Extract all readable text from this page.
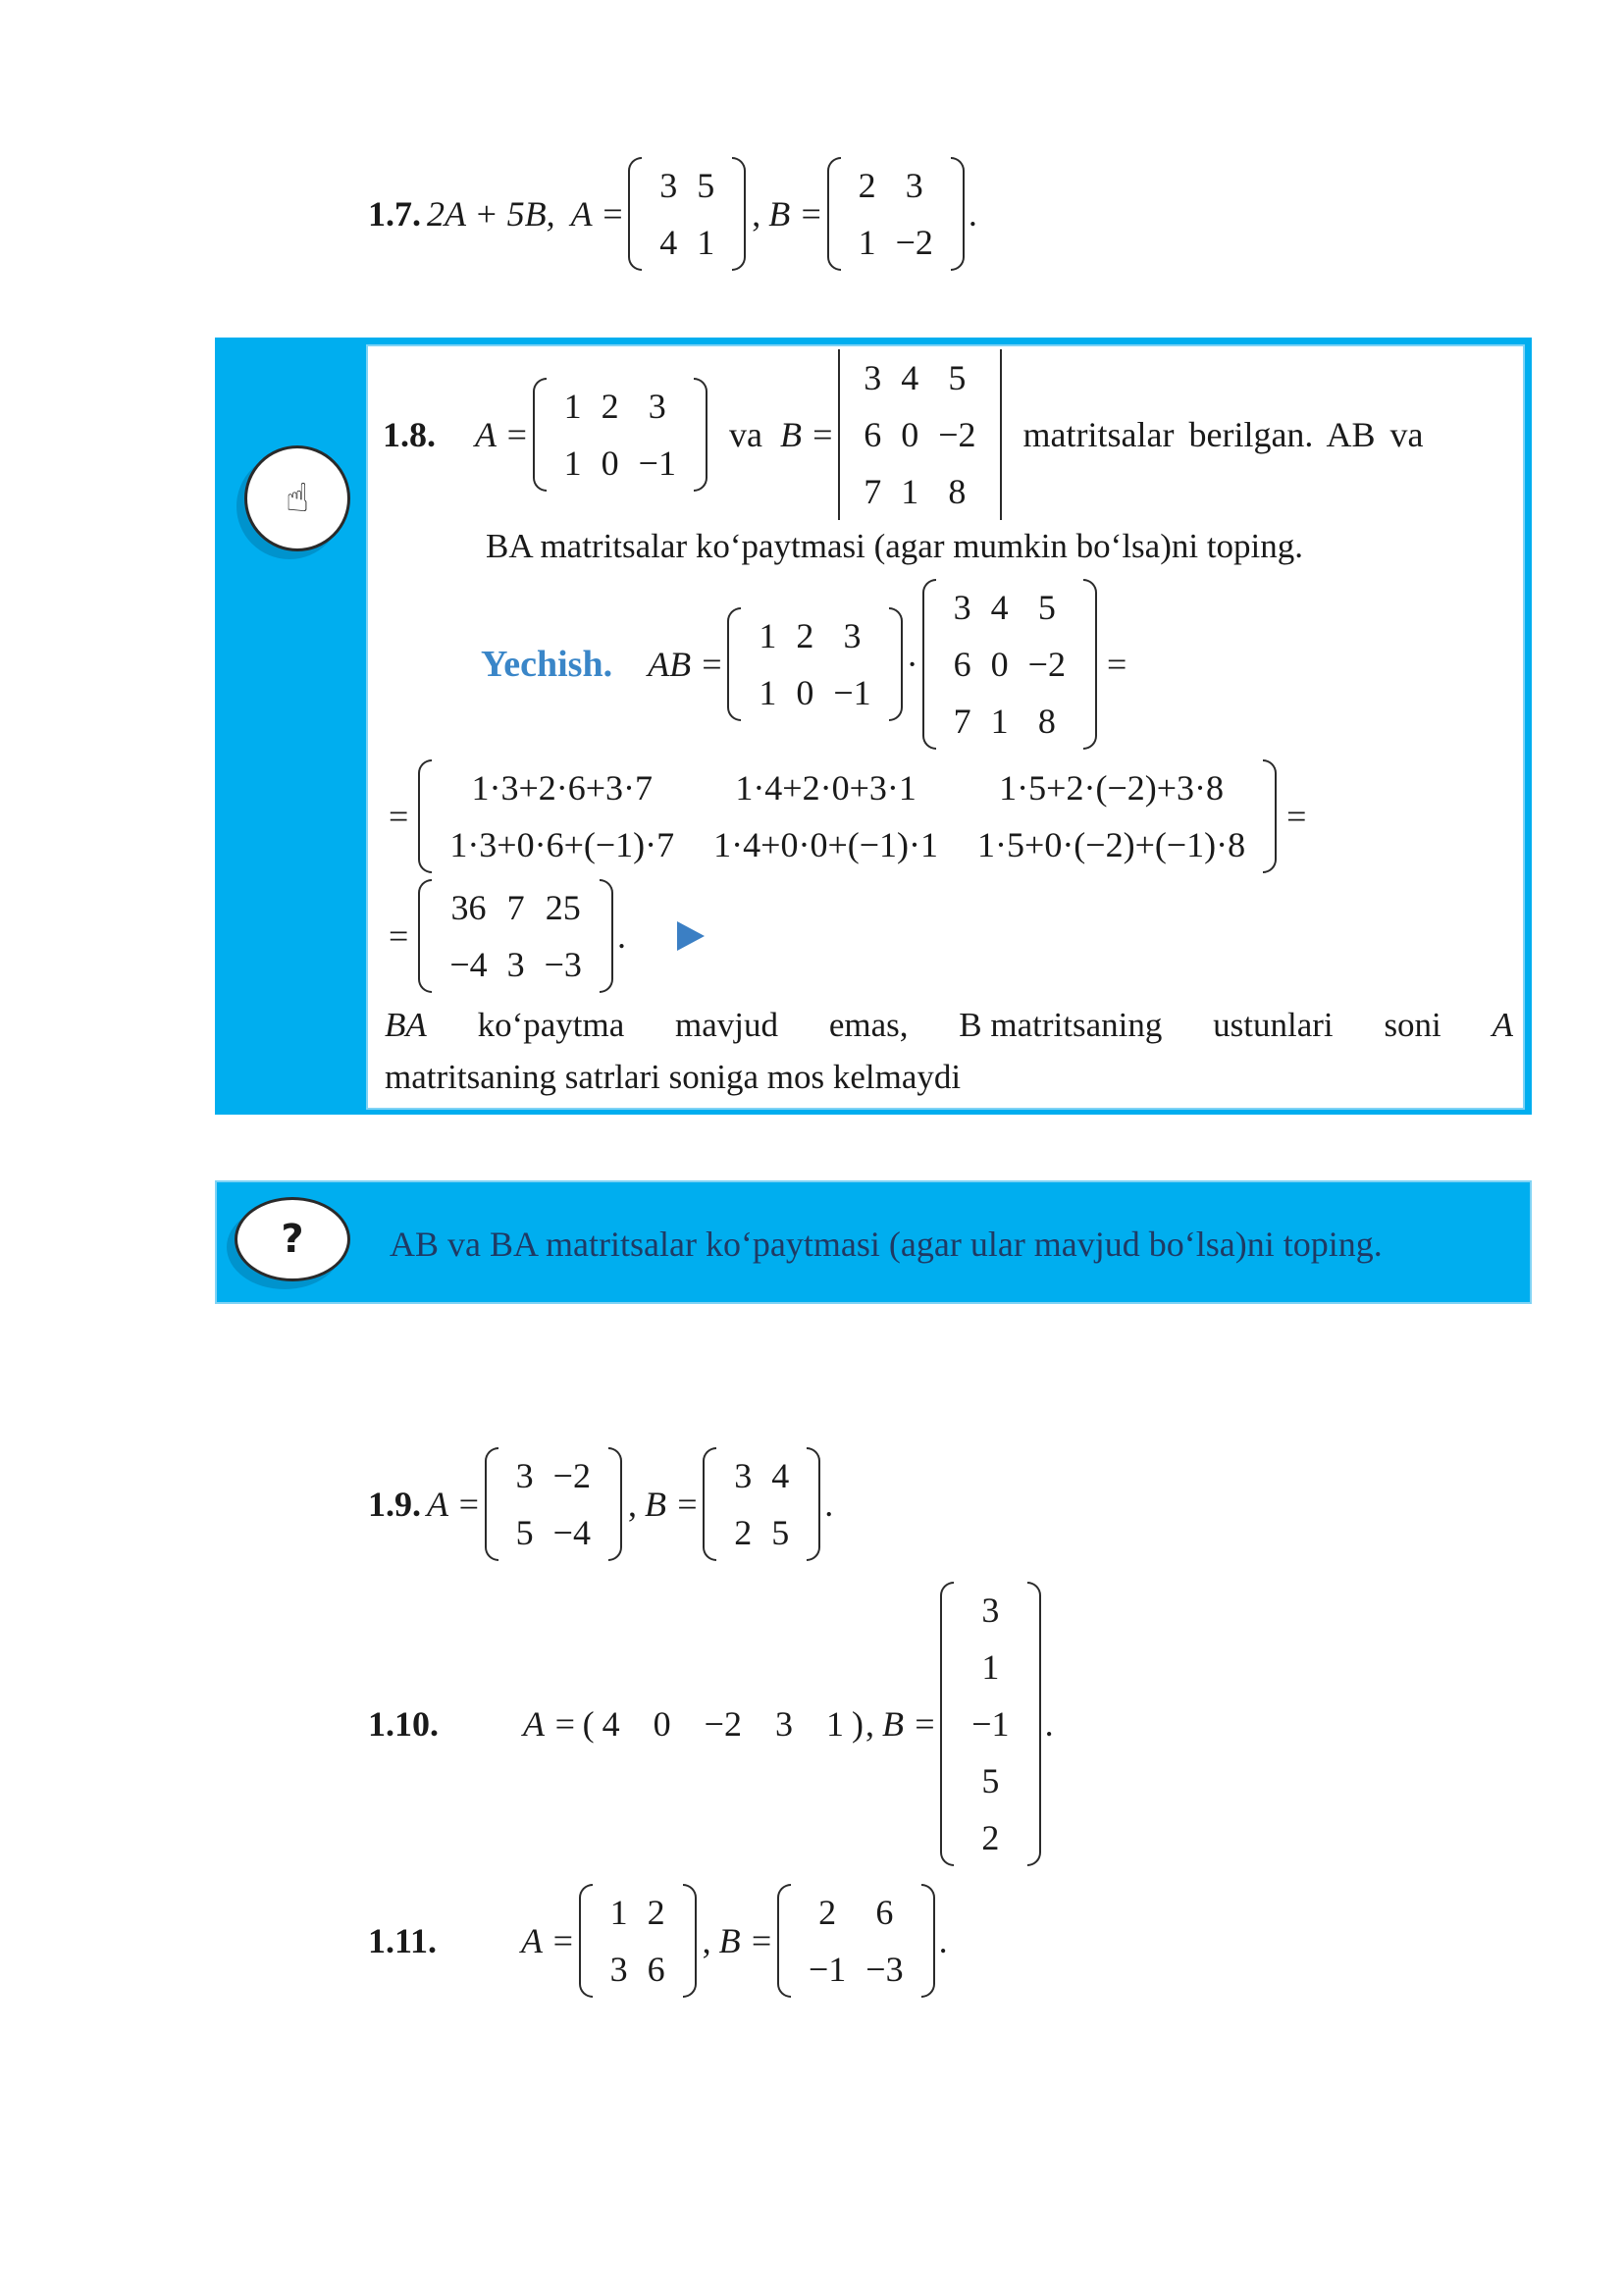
1.7. 2A + 5B, A =
3 5
4 1
, B =
2 3
1 −2
.
☝
1.8. A =
1 2 3
1 0 −1
va B =
3 4 5
6 0 −2
7 1 8
matritsalar berilgan. AB va
BA matritsalar ko‘paytmasi (agar mumkin bo‘lsa)ni toping.
Yechish. AB =
1 2 3
1 0 −1
·
3 4 5
6 0 −2
7 1 8
=
=
1·3+2·6+3·7	1·4+2·0+3·1	1·5+2·(−2)+3·8
1·3+0·6+(−1)·7 1·4+0·0+(−1)·1 1·5+0·(−2)+(−1)·8
=
=
36 7 25
−4 3 −3
.
BA ko‘paytma mavjud emas, B matritsaning ustunlari soni A
matritsaning satrlari soniga mos kelmaydi
?	AB va BA matritsalar ko‘paytmasi (agar ular mavjud bo‘lsa)ni toping.
1.9. A =
3 −2
5 −4
, B =
3 4
2 5
.
1.10. A = ( 4 0 −2 3 1 ) , B =
3
1
−1
5
2
.
1.11. A =
1 2
3 6
, B =
2	6
−1 −3
.
